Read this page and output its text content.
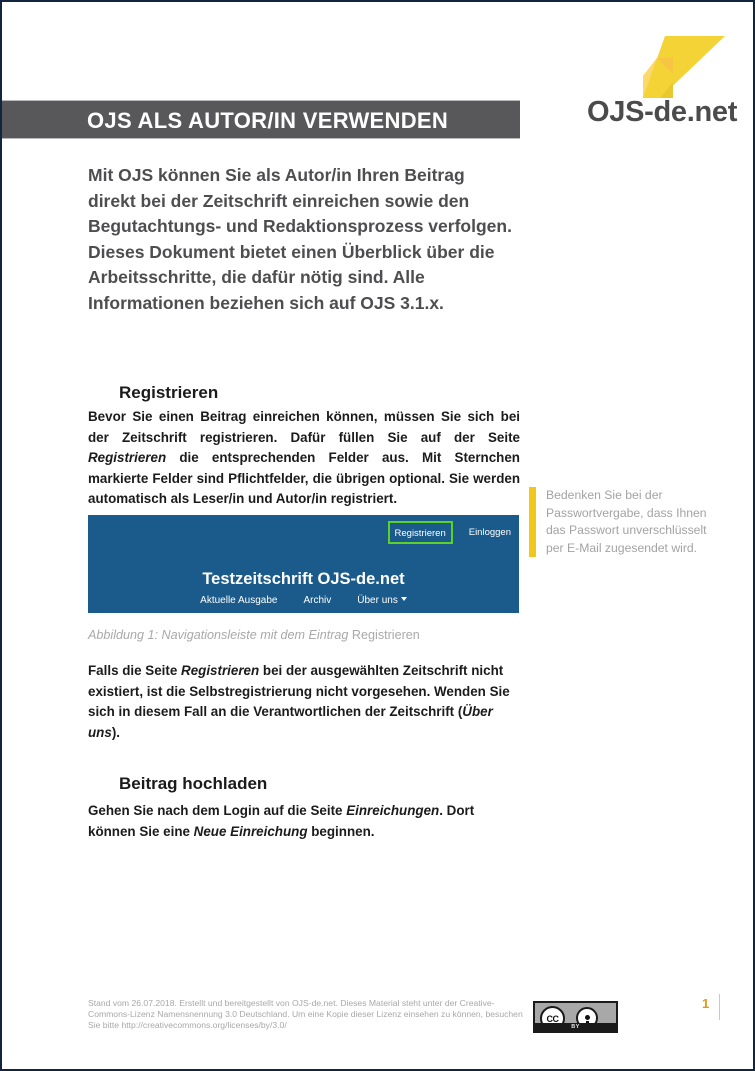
OJS-de.net
OJS ALS AUTOR/IN VERWENDEN
Mit OJS können Sie als Autor/in Ihren Beitrag direkt bei der Zeitschrift einreichen sowie den Begutachtungs- und Redaktionsprozess verfolgen. Dieses Dokument bietet einen Überblick über die Arbeitsschritte, die dafür nötig sind. Alle Informationen beziehen sich auf OJS 3.1.x.
Registrieren
Bevor Sie einen Beitrag einreichen können, müssen Sie sich bei der Zeitschrift registrieren. Dafür füllen Sie auf der Seite Registrieren die entsprechenden Felder aus. Mit Sternchen markierte Felder sind Pflichtfelder, die übrigen optional. Sie werden automatisch als Leser/in und Autor/in registriert.	Bedenken Sie bei der Passwortvergabe, dass Ihnen das Passwort unverschlüsselt per E-Mail zugesendet wird.
Registrieren	Einloggen
Testzeitschrift OJS-de.net
Aktuelle Ausgabe	Archiv	Über uns
Abbildung 1: Navigationsleiste mit dem Eintrag Registrieren
Falls die Seite Registrieren bei der ausgewählten Zeitschrift nicht existiert, ist die Selbstregistrierung nicht vorgesehen. Wenden Sie sich in diesem Fall an die Verantwortlichen der Zeitschrift (Über uns).
Beitrag hochladen
Gehen Sie nach dem Login auf die Seite Einreichungen. Dort können Sie eine Neue Einreichung beginnen.
Stand vom 26.07.2018. Erstellt und bereitgestellt von OJS-de.net. Dieses Material steht unter der Creative-Commons-Lizenz Namensnennung 3.0 Deutschland. Um eine Kopie dieser Lizenz einsehen zu können, besuchen Sie bitte http://creativecommons.org/licenses/by/3.0/
CC
BY
1
